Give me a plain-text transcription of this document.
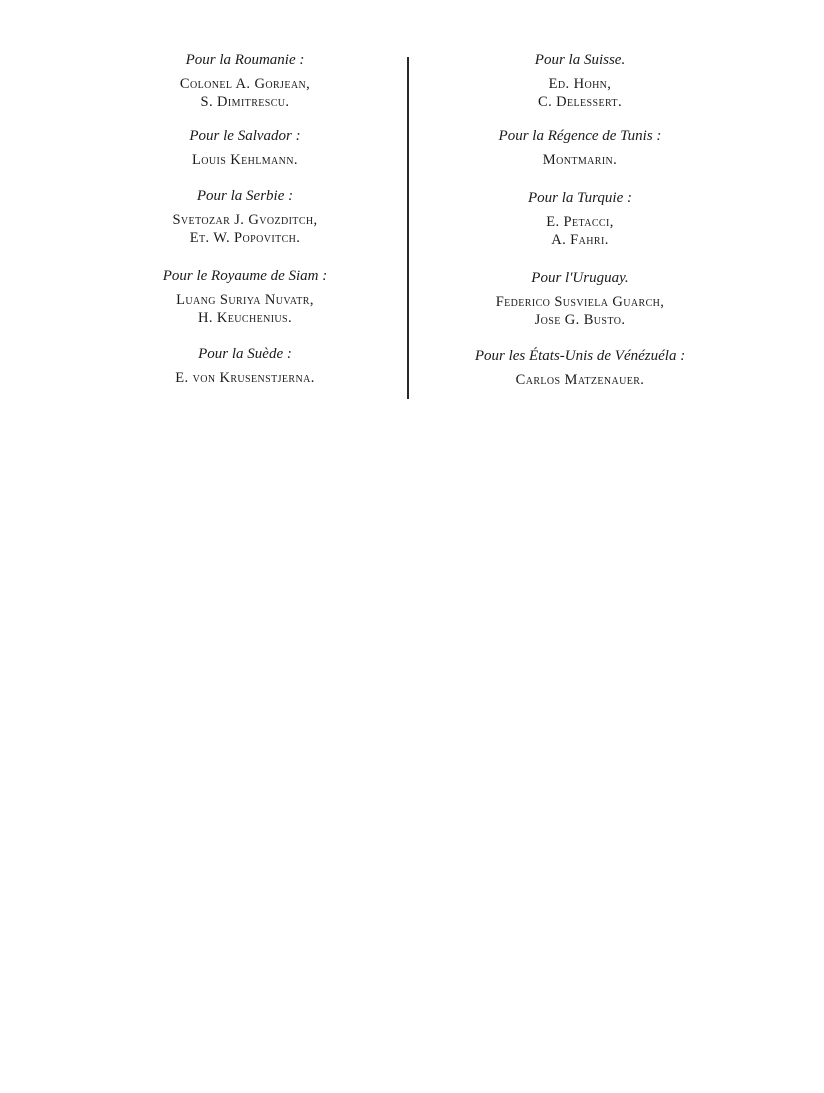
Pour la Roumanie :
Colonel A. Gorjean,
S. Dimitrescu.
Pour le Salvador :
Louis Kehlmann.
Pour la Serbie :
Svetozar J. Gvozditch,
Et. W. Popovitch.
Pour le Royaume de Siam :
Luang Suriya Nuvatr,
H. Keuchenius.
Pour la Suède :
E. von Krusenstjerna.
Pour la Suisse.
Ed. Hohn,
C. Delessert.
Pour la Régence de Tunis :
Montmarin.
Pour la Turquie :
E. Petacci,
A. Fahri.
Pour l'Uruguay.
Federico Susviela Guarch,
Jose G. Busto.
Pour les États-Unis de Vénézuéla :
Carlos Matzenauer.
